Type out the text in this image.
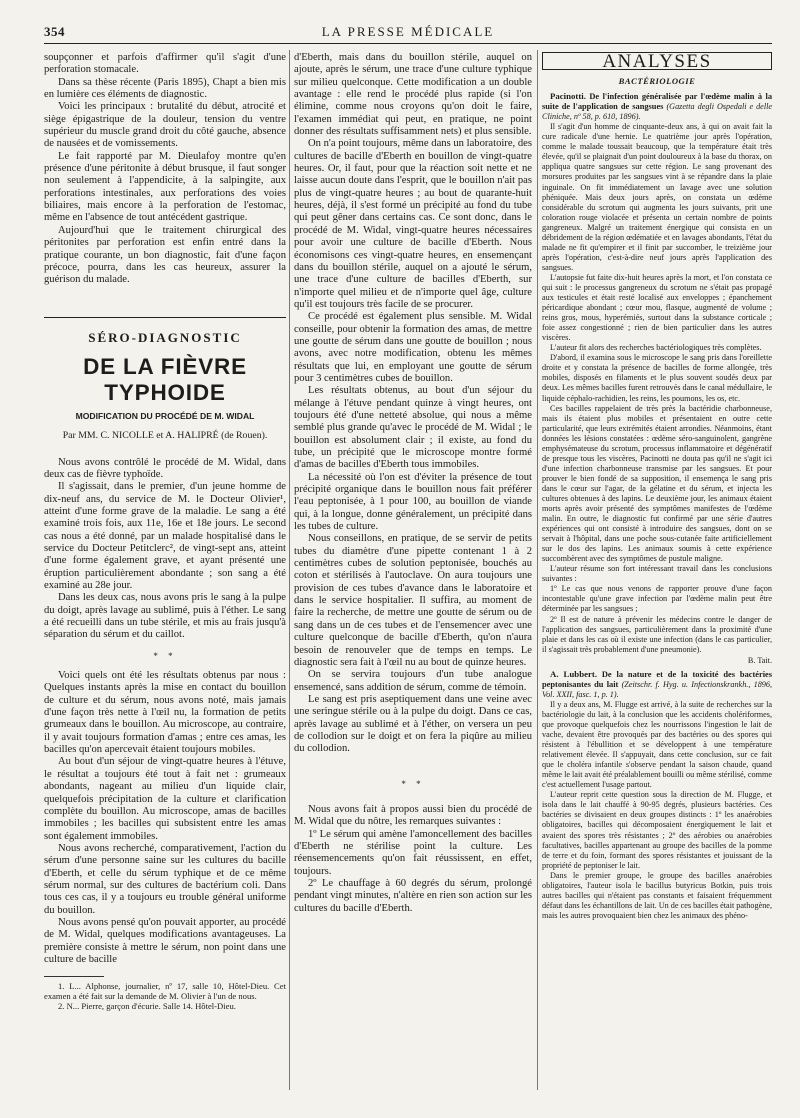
354	LA PRESSE MÉDICALE

soupçonner et parfois d'affirmer qu'il s'agit d'une perforation stomacale.

Dans sa thèse récente (Paris 1895), Chapt a bien mis en lumière ces éléments de diagnostic.

Voici les principaux : brutalité du début, atrocité et siège épigastrique de la douleur, tension du ventre supérieur du muscle grand droit du côté gauche, absence de nausées et de vomissements.

Le fait rapporté par M. Dieulafoy montre qu'en présence d'une péritonite à début brusque, il faut songer non seulement à l'appendicite, à la salpingite, aux perforations intestinales, aux perforations des voies biliaires, mais encore à la perforation de l'estomac, même en l'absence de tout antécédent gastrique.

Aujourd'hui que le traitement chirurgical des péritonites par perforation est enfin entré dans la pratique courante, un bon diagnostic, fait d'une façon précoce, pourra, dans les cas heureux, assurer la guérison du malade.

SÉRO-DIAGNOSTIC
DE LA FIÈVRE TYPHOIDE
MODIFICATION DU PROCÉDÉ DE M. WIDAL
Par MM. C. NICOLLE et A. HALIPRÉ (de Rouen).

Nous avons contrôlé le procédé de M. Widal, dans deux cas de fièvre typhoïde.

Il s'agissait, dans le premier, d'un jeune homme de dix-neuf ans, du service de M. le Docteur Olivier¹, atteint d'une forme grave de la maladie. Le sang a été examiné trois fois, aux 11e, 16e et 18e jours. Le second cas nous a été donné, par un malade hospitalisé dans le service du Docteur Petitclerc², de vingt-sept ans, atteint d'une forme également grave, et ayant présenté une éruption particulièrement abondante ; son sang a été examiné au 28e jour.

Dans les deux cas, nous avons pris le sang à la pulpe du doigt, après lavage au sublimé, puis à l'éther. Le sang a été recueilli dans un tube stérile, et mis au frais jusqu'à séparation du sérum et du caillot.

* *

Voici quels ont été les résultats obtenus par nous : Quelques instants après la mise en contact du bouillon de culture et du sérum, nous avons noté, mais jamais d'une façon très nette à l'œil nu, la formation de petits grumeaux dans le bouillon. Au microscope, au contraire, il y avait toujours formation d'amas ; entre ces amas, les bacilles qu'on apercevait étaient toujours mobiles.

Au bout d'un séjour de vingt-quatre heures à l'étuve, le résultat a toujours été tout à fait net : grumeaux abondants, nageant au milieu d'un liquide clair, quelquefois précipitation de la culture et clarification complète du bouillon. Au microscope, amas de bacilles immobiles ; les bacilles qui subsistent entre les amas sont également immobiles.

Nous avons recherché, comparativement, l'action du sérum d'une personne saine sur les cultures du bacille d'Eberth, et celle du sérum typhique et de ce même sérum normal, sur des cultures de bactérium coli. Dans tous ces cas, il y a toujours eu trouble général uniforme du bouillon.

Nous avons pensé qu'on pouvait apporter, au procédé de M. Widal, quelques modifications avantageuses. La première consiste à mettre le sérum, non point dans une culture de bacille

1. L... Alphonse, journalier, nº 17, salle 10, Hôtel-Dieu. Cet examen a été fait sur la demande de M. Olivier à l'un de nous.

2. N... Pierre, garçon d'écurie. Salle 14. Hôtel-Dieu.

d'Eberth, mais dans du bouillon stérile, auquel on ajoute, après le sérum, une trace d'une culture typhique sur milieu quelconque. Cette modification a un double avantage : elle rend le procédé plus rapide (si l'on élimine, comme nous croyons qu'on doit le faire, l'examen immédiat qui peut, en pratique, ne point donner des résultats suffisamment nets) et plus sensible.

On n'a point toujours, même dans un laboratoire, des cultures de bacille d'Eberth en bouillon de vingt-quatre heures. Or, il faut, pour que la réaction soit nette et ne laisse aucun doute dans l'esprit, que le bouillon n'ait pas plus de vingt-quatre heures ; au bout de quarante-huit heures, déjà, il s'est formé un précipité au fond du tube qui peut gêner dans certains cas. Ce sont donc, dans le procédé de M. Widal, vingt-quatre heures nécessaires pour avoir une culture de bacille d'Eberth. Nous économisons ces vingt-quatre heures, en ensemençant dans du bouillon stérile, auquel on a ajouté le sérum, une trace d'une culture de bacilles d'Eberth, sur n'importe quel milieu et de n'importe quel âge, culture qu'il est toujours très facile de se procurer.

Ce procédé est également plus sensible. M. Widal conseille, pour obtenir la formation des amas, de mettre une goutte de sérum dans une goutte de bouillon ; nous avons, avec notre modification, obtenu les mêmes résultats que lui, en employant une goutte de sérum pour 3 centimètres cubes de bouillon.

Les résultats obtenus, au bout d'un séjour du mélange à l'étuve pendant quinze à vingt heures, ont toujours été d'une netteté absolue, qui nous a même semblé plus grande qu'avec le procédé de M. Widal ; le bouillon est absolument clair ; il existe, au fond du tube, un précipité que le microscope montre formé d'amas de bacilles d'Eberth tous immobiles.

La nécessité où l'on est d'éviter la présence de tout précipité organique dans le bouillon nous fait préférer l'eau peptonisée, à 1 pour 100, au bouillon de viande qui, à la longue, donne généralement, un précipité dans les tubes de culture.

Nous conseillons, en pratique, de se servir de petits tubes du diamètre d'une pipette contenant 1 à 2 centimètres cubes de solution peptonisée, bouchés au coton et stérilisés à l'autoclave. On aura toujours une provision de ces tubes d'avance dans le laboratoire et dans le service hospitalier. Il suffira, au moment de faire la recherche, de mettre une goutte de sérum ou de sang dans un de ces tubes et de l'ensemencer avec une culture quelconque de bacille d'Eberth, qu'on n'aura besoin de renouveler que de temps en temps. Le diagnostic sera fait à l'œil nu au bout de quinze heures.

On se servira toujours d'un tube analogue ensemencé, sans addition de sérum, comme de témoin.

Le sang est pris aseptiquement dans une veine avec une seringue stérile ou à la pulpe du doigt. Dans ce cas, après lavage au sublimé et à l'éther, on versera un peu de collodion sur le doigt et on fera la piqûre au milieu du collodion.

* *

Nous avons fait à propos aussi bien du procédé de M. Widal que du nôtre, les remarques suivantes :

1º Le sérum qui amène l'amoncellement des bacilles d'Eberth ne stérilise point la culture. Les réensemencements qu'on fait réussissent, en effet, toujours.

2º Le chauffage à 60 degrés du sérum, prolongé pendant vingt minutes, n'altère en rien son action sur les cultures du bacille d'Eberth.

ANALYSES
BACTÉRIOLOGIE

Pacinotti. De l'infection généralisée par l'œdème malin à la suite de l'application de sangsues (Gazetta degli Ospedali e delle Cliniche, nº 58, p. 610, 1896).

Il s'agit d'un homme de cinquante-deux ans, à qui on avait fait la cure radicale d'une hernie. Le quatrième jour après l'opération, comme le malade toussait beaucoup, que la température était très élevée, qu'il se plaignait d'un point douloureux à la base du thorax, on appliqua quatre sangsues sur cette région. Le sang provenant des morsures produites par les sangsues vint à se répandre dans la plaie inguinale. On fit immédiatement un lavage avec une solution phéniquée. Mais deux jours après, on constata un œdème considérable du scrotum qui augmenta les jours suivants, prit une coloration rouge violacée et présenta un certain nombre de points gangreneux. Malgré un traitement énergique qui consista en un débridement de la région œdématiée et en lavages abondants, l'état du malade ne fit qu'empirer et il finit par succomber, le treizième jour après l'opération, c'est-à-dire neuf jours après l'application des sangsues.

L'autopsie fut faite dix-huit heures après la mort, et l'on constata ce qui suit : le processus gangreneux du scrotum ne s'était pas propagé aux testicules et était resté localisé aux enveloppes ; épanchement péricardique abondant ; cœur mou, flasque, augmenté de volume ; reins gros, mous, hyperémiés, surtout dans la substance corticale ; foie assez congestionné ; rien de bien particulier dans les autres viscères.

L'auteur fit alors des recherches bactériologiques très complètes.

D'abord, il examina sous le microscope le sang pris dans l'oreillette droite et y constata la présence de bacilles de forme allongée, très mobiles, disposés en filaments et le plus souvent soudés deux par deux. Les mêmes bacilles furent retrouvés dans le canal médullaire, le liquide céphalo-rachidien, les reins, les poumons, les os, etc.

Ces bacilles rappelaient de très près la bactéridie charbonneuse, mais ils étaient plus mobiles et présentaient en outre cette particularité, que leurs extrémités étaient arrondies. Néanmoins, étant données les lésions constatées : œdème séro-sanguinolent, gangrène emphysémateuse du scrotum, processus inflammatoire et dégénératif de presque tous les viscères, Pacinotti ne douta pas qu'il ne s'agit ici d'une infection charbonneuse transmise par les sangsues. Et pour prouver le bien fondé de sa supposition, il ensemença le sang pris dans le cœur sur l'agar, de la gélatine et du sérum, et injecta les cultures obtenues à des lapins. Le deuxième jour, les animaux étaient morts après avoir présenté des symptômes manifestes de l'œdème malin. En outre, le diagnostic fut confirmé par une série d'autres expériences qui ont consisté à introduire des sangsues, dont on se servait à l'hôpital, dans une poche sous-cutanée faite artificiellement sur le dos des lapins. Les animaux soumis à cette expérience succombèrent avec des symptômes de pustule maligne.

L'auteur résume son fort intéressant travail dans les conclusions suivantes :

1º Le cas que nous venons de rapporter prouve d'une façon incontestable qu'une grave infection par l'œdème malin peut être déterminée par les sangsues ;

2º Il est de nature à prévenir les médecins contre le danger de l'application des sangsues, particulièrement dans la proximité d'une plaie et dans les cas où il existe une infection (dans le cas particulier, il s'agissait très probablement d'une pneumonie).

B. Tait.

A. Lubbert. De la nature et de la toxicité des bactéries peptonisantes du lait (Zeitschr. f. Hyg. u. Infectionskrankh., 1896, Vol. XXII, fasc. 1, p. 1).

Il y a deux ans, M. Flugge est arrivé, à la suite de recherches sur la bactériologie du lait, à la conclusion que les accidents cholériformes, que provoque quelquefois chez les nourrissons l'ingestion le lait de vache, devaient être provoqués par des bactéries ou des spores qui résistent à l'ébullition et se développent à une température relativement élevée. Il s'appuyait, dans cette conclusion, sur ce fait que le choléra infantile s'observe pendant la saison chaude, quand même le lait avait été préalablement bouilli ou même stérilisé, comme c'est actuellement l'usage partout.

L'auteur reprit cette question sous la direction de M. Flugge, et isola dans le lait chauffé à 90-95 degrés, plusieurs bactéries. Ces bactéries se divisaient en deux groupes distincts : 1º les anaérobies obligatoires, bacilles qui décomposaient énergiquement le lait et avaient des spores très résistantes ; 2º des aérobies ou anaérobies facultatives, bacilles appartenant au groupe des bacilles de la pomme de terre et du foin, formant des spores résistantes et jouissant de la propriété de peptoniser le lait.

Dans le premier groupe, le groupe des bacilles anaérobies obligatoires, l'auteur isola le bacillus butyricus Botkin, puis trois autres bacilles qui n'étaient pas constants et faisaient fréquemment défaut dans les échantillons de lait. Un de ces bacilles était pathogène, mais les autres provoquaient bien chez les animaux des phéno-
